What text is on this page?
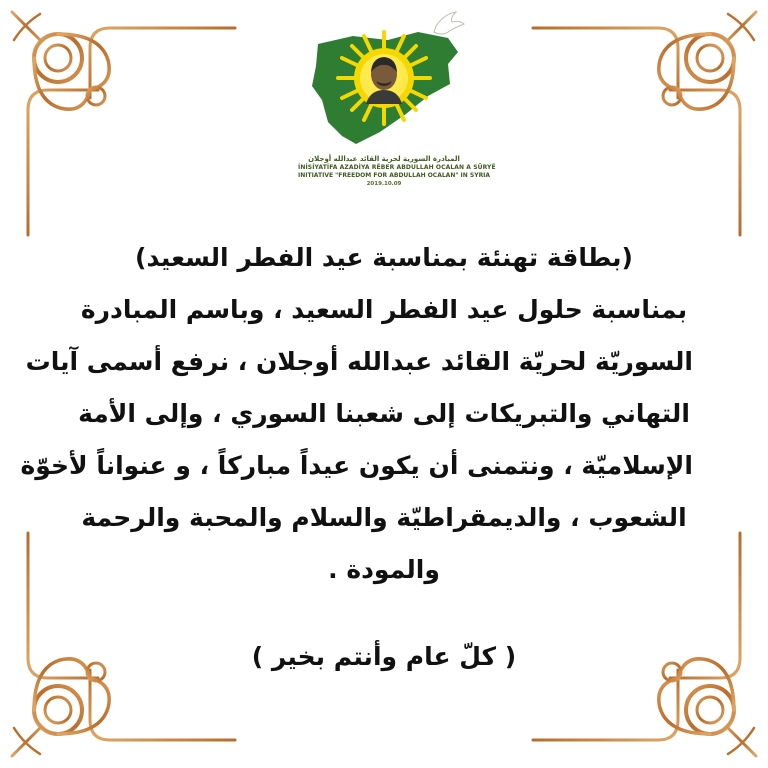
المبادرة السورية لحرية القائد عبدالله أوجلان
İNİSİYATİFA AZADİYA RÊBER ABDULLAH OCALAN A SÛRYÊ
INITIATIVE "FREEDOM FOR ABDULLAH OCALAN" IN SYRIA
2019.10.09
(بطاقة تهنئة بمناسبة عيد الفطر السعيد)
بمناسبة حلول عيد الفطر السعيد ، وباسم المبادرة
السوريّة لحريّة القائد عبدالله أوجلان ، نرفع أسمى آيات
التهاني والتبريكات إلى شعبنا السوري ، وإلى الأمة
الإسلاميّة ، ونتمنى أن يكون عيداً مباركاً ، و عنواناً لأخوّة
الشعوب ، والديمقراطيّة والسلام والمحبة والرحمة
والمودة .
( كلّ عام وأنتم بخير )
